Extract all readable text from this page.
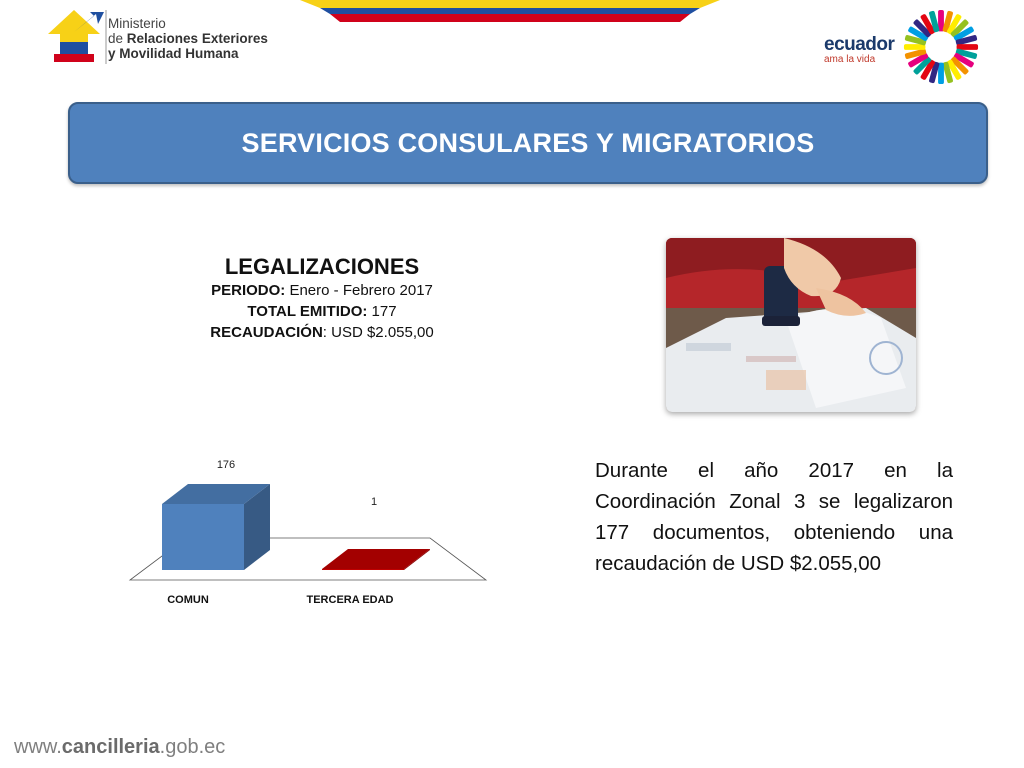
Ministerio
de Relaciones Exteriores
y Movilidad Humana	ecuador
ama la vida
SERVICIOS CONSULARES Y MIGRATORIOS
LEGALIZACIONES
PERIODO: Enero - Febrero 2017
TOTAL EMITIDO: 177
RECAUDACIÓN: USD $2.055,00
176
COMUN
1
TERCERA EDAD
Durante el año 2017 en la Coordinación Zonal 3 se legalizaron 177 documentos, obteniendo una recaudación de USD $2.055,00
www.cancilleria.gob.ec
